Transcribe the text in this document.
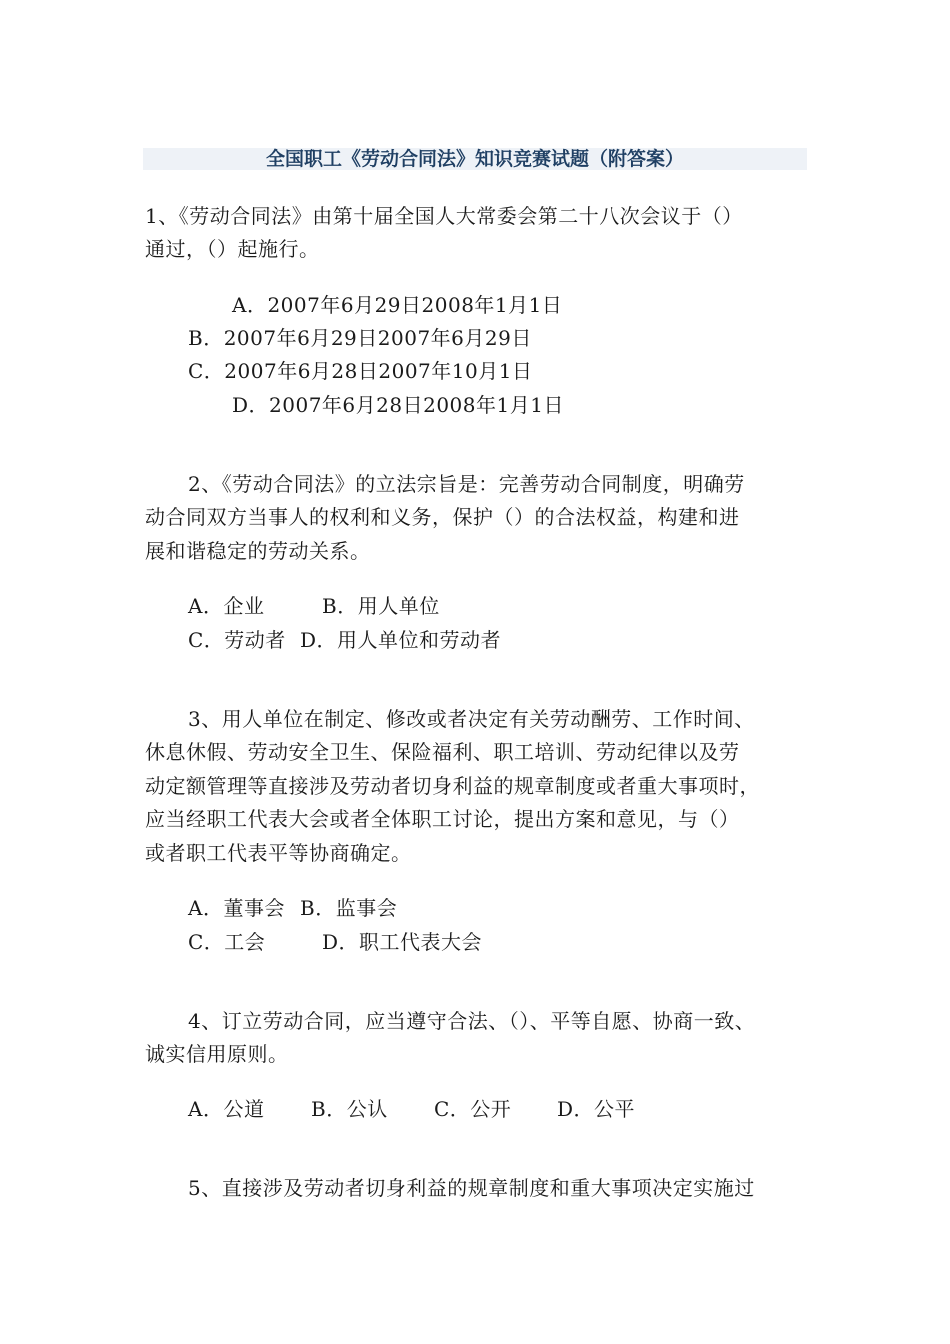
全国职工《劳动合同法》知识竞赛试题（附答案）
1、《劳动合同法》由第十届全国人大常委会第二十八次会议于（）
通过，（）起施行。
A．2007年6月29日2008年1月1日
B．2007年6月29日2007年6月29日
C．2007年6月28日2007年10月1日
D．2007年6月28日2008年1月1日
2、《劳动合同法》的立法宗旨是：完善劳动合同制度，明确劳
动合同双方当事人的权利和义务，保护（）的合法权益，构建和进
展和谐稳定的劳动关系。
A．企业	B．用人单位
C．劳动者 D．用人单位和劳动者
3、用人单位在制定、修改或者决定有关劳动酬劳、工作时间、
休息休假、劳动安全卫生、保险福利、职工培训、劳动纪律以及劳
动定额管理等直接涉及劳动者切身利益的规章制度或者重大事项时，
应当经职工代表大会或者全体职工讨论，提出方案和意见，与（）
或者职工代表平等协商确定。
A．董事会 B．监事会
C．工会	D．职工代表大会
4、订立劳动合同，应当遵守合法、（）、平等自愿、协商一致、
诚实信用原则。
A．公道 B．公认 C．公开 D．公平
5、直接涉及劳动者切身利益的规章制度和重大事项决定实施过
